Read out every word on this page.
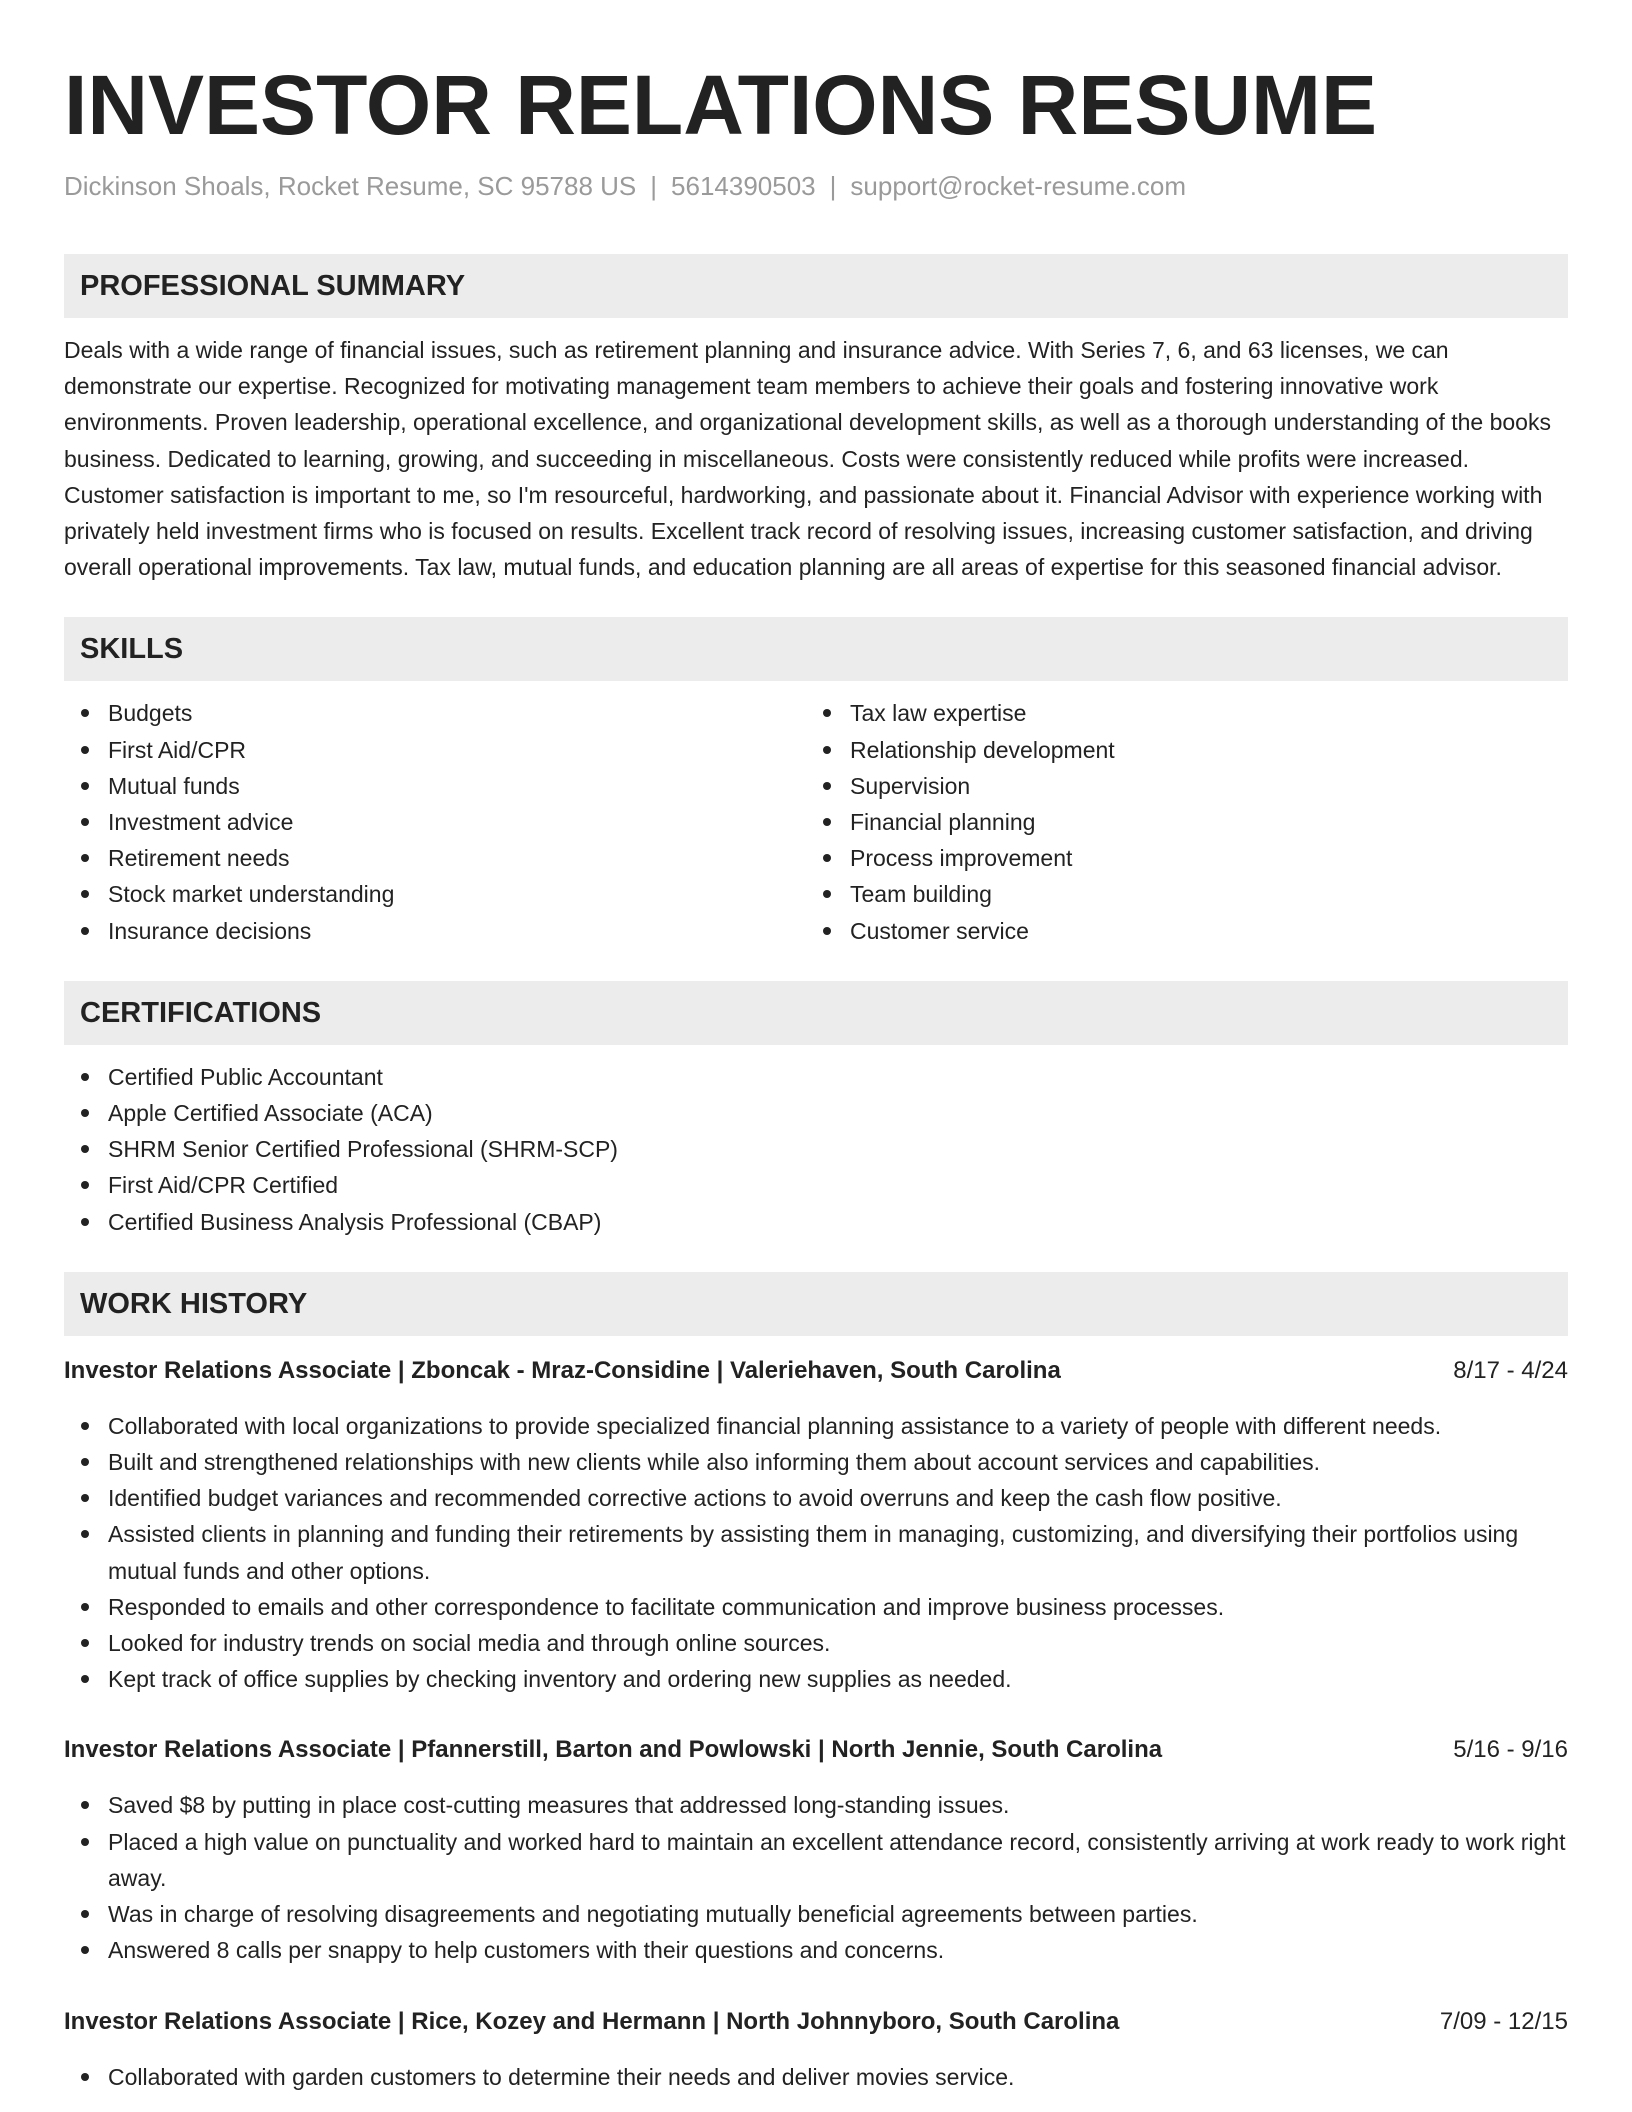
INVESTOR RELATIONS RESUME
Dickinson Shoals, Rocket Resume, SC 95788 US | 5614390503 | support@rocket-resume.com
PROFESSIONAL SUMMARY
Deals with a wide range of financial issues, such as retirement planning and insurance advice. With Series 7, 6, and 63 licenses, we can demonstrate our expertise. Recognized for motivating management team members to achieve their goals and fostering innovative work environments. Proven leadership, operational excellence, and organizational development skills, as well as a thorough understanding of the books business. Dedicated to learning, growing, and succeeding in miscellaneous. Costs were consistently reduced while profits were increased. Customer satisfaction is important to me, so I'm resourceful, hardworking, and passionate about it. Financial Advisor with experience working with privately held investment firms who is focused on results. Excellent track record of resolving issues, increasing customer satisfaction, and driving overall operational improvements. Tax law, mutual funds, and education planning are all areas of expertise for this seasoned financial advisor.
SKILLS
Budgets
First Aid/CPR
Mutual funds
Investment advice
Retirement needs
Stock market understanding
Insurance decisions
Tax law expertise
Relationship development
Supervision
Financial planning
Process improvement
Team building
Customer service
CERTIFICATIONS
Certified Public Accountant
Apple Certified Associate (ACA)
SHRM Senior Certified Professional (SHRM-SCP)
First Aid/CPR Certified
Certified Business Analysis Professional (CBAP)
WORK HISTORY
Investor Relations Associate | Zboncak - Mraz-Considine | Valeriehaven, South Carolina	8/17 - 4/24
Collaborated with local organizations to provide specialized financial planning assistance to a variety of people with different needs.
Built and strengthened relationships with new clients while also informing them about account services and capabilities.
Identified budget variances and recommended corrective actions to avoid overruns and keep the cash flow positive.
Assisted clients in planning and funding their retirements by assisting them in managing, customizing, and diversifying their portfolios using mutual funds and other options.
Responded to emails and other correspondence to facilitate communication and improve business processes.
Looked for industry trends on social media and through online sources.
Kept track of office supplies by checking inventory and ordering new supplies as needed.
Investor Relations Associate | Pfannerstill, Barton and Powlowski | North Jennie, South Carolina	5/16 - 9/16
Saved $8 by putting in place cost-cutting measures that addressed long-standing issues.
Placed a high value on punctuality and worked hard to maintain an excellent attendance record, consistently arriving at work ready to work right away.
Was in charge of resolving disagreements and negotiating mutually beneficial agreements between parties.
Answered 8 calls per snappy to help customers with their questions and concerns.
Investor Relations Associate | Rice, Kozey and Hermann | North Johnnyboro, South Carolina	7/09 - 12/15
Collaborated with garden customers to determine their needs and deliver movies service.
